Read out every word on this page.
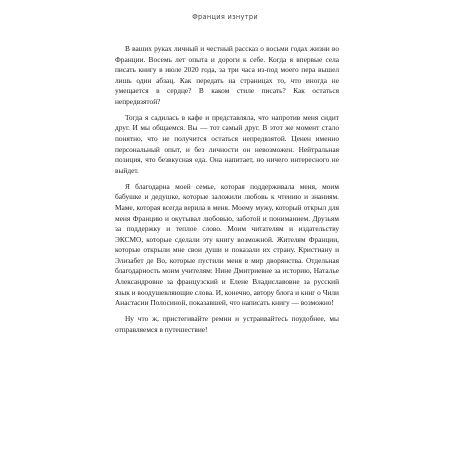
Франция изнутри

В ваших руках личный и честный рассказ о восьми годах жизни во Франции. Восемь лет опыта и дороги к себе. Когда я впервые села писать книгу в июле 2020 года, за три часа из-под моего пера вышел лишь один абзац. Как передать на страницах то, что иногда не умещается в сердце? В каком стиле писать? Как остаться непредвзятой?

Тогда я садилась в кафе и представляла, что напротив меня сидит друг. И мы общаемся. Вы — тот самый друг. В этот же момент стало понятно, что не получится остаться непредвзятой. Ценен именно персональный опыт, и без личности он невозможен. Нейтральная позиция, что безвкусная еда. Она напитает, но ничего интересного не выйдет.

Я благодарна моей семье, которая поддерживала меня, моим бабушке и дедушке, которые заложили любовь к чтению и знаниям. Маме, которая всегда верила в меня. Моему мужу, который открыл для меня Францию и окутывал любовью, заботой и пониманием. Друзьям за поддержку и теплое слово. Моим читателям и издательству ЭКСМО, которые сделали эту книгу возможной. Жителям Франции, которые открыли мне свои души и показали их страну. Кристиану и Элизабет де Во, которые пустили меня в мир дворянства. Отдельная благодарность моим учителям: Нине Дмитриевне за историю, Наталье Александровне за французский и Елене Владиславовне за русский язык и воодушевляющие слова. И, конечно, автору блога и книг о Чили Анастасии Полосиной, показавшей, что написать книгу — возможно!

Ну что ж, пристегивайте ремни и устраивайтесь поудобнее, мы отправляемся в путешествие!
